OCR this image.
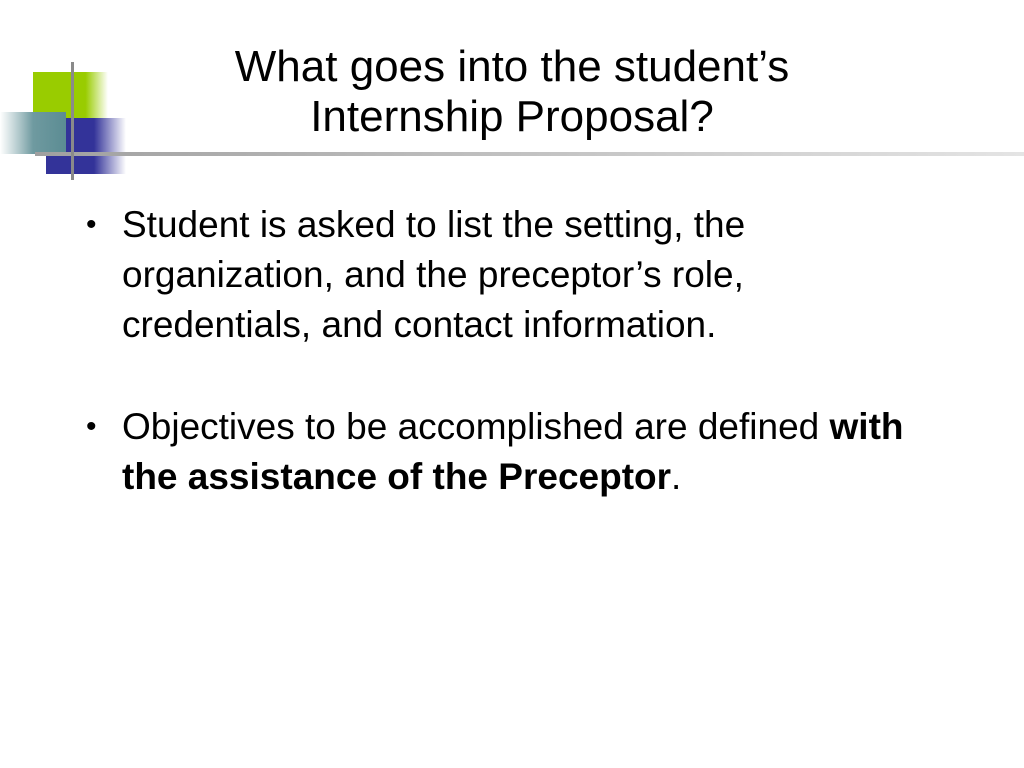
What goes into the student’s
Internship Proposal?
• Student is asked to list the setting, the organization, and the preceptor’s role, credentials, and contact information.
• Objectives to be accomplished are defined with the assistance of the Preceptor.
